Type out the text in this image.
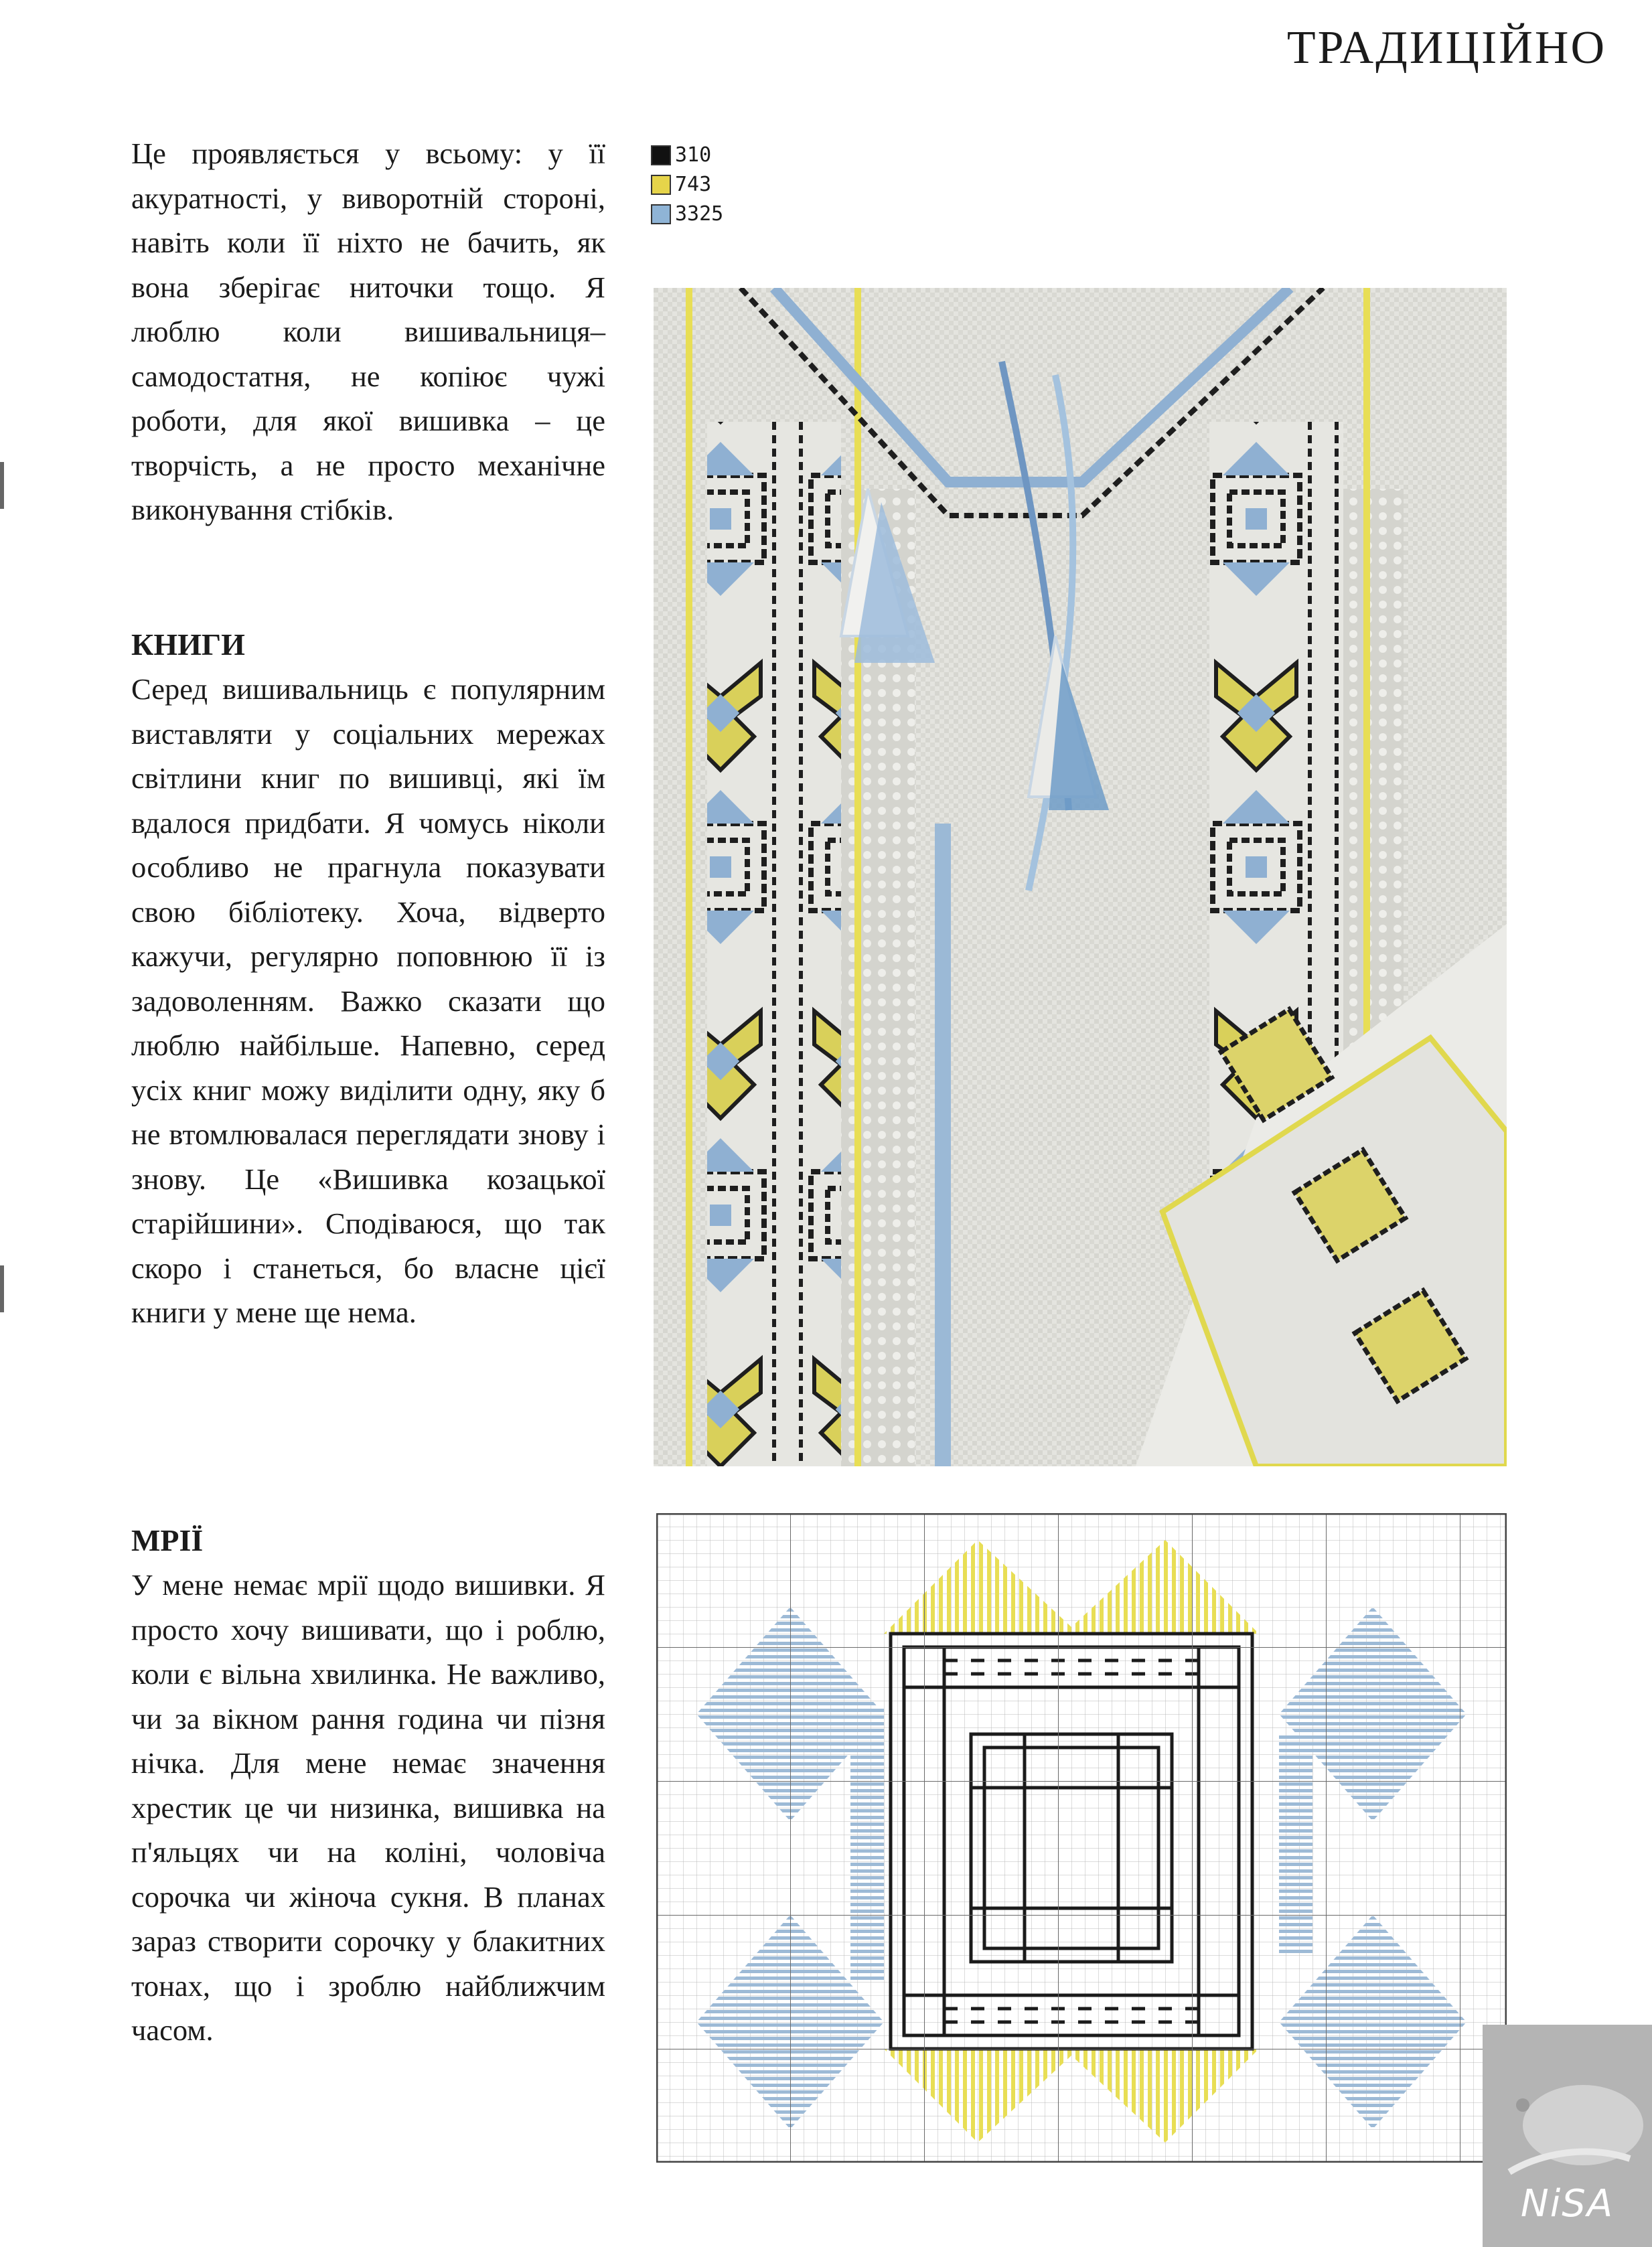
ТРАДИЦІЙНО

Це проявляється у всьому: у її акуратності, у виворотній стороні, навіть коли її ніхто не бачить, як вона зберігає ниточки тощо. Я люблю коли вишивальниця–самодостатня, не копіює чужі роботи, для якої вишивка – це творчість, а не просто механічне виконування стібків.

КНИГИ

Серед вишивальниць є популярним виставляти у соціальних мережах світлини книг по вишивці, які їм вдалося придбати. Я чомусь ніколи особливо не прагнула показувати свою бібліотеку. Хоча, відверто кажучи, регулярно поповнюю її із задоволенням. Важко сказати що люблю найбільше. Напевно, серед усіх книг можу виділити одну, яку б не втомлювалася переглядати знову і знову. Це «Вишивка козацької старійшини». Сподіваюся, що так скоро і станеться, бо власне цієї книги у мене ще нема.

МРІЇ

У мене немає мрії щодо вишивки. Я просто хочу вишивати, що і роблю, коли є вільна хвилинка. Не важливо, чи за вікном рання година чи пізня нічка. Для мене немає значення хрестик це чи низинка, вишивка на п'яльцях чи на коліні, чоловіча сорочка чи жіноча сукня. В планах зараз створити сорочку у блакитних тонах, що і зроблю найближчим часом.

310
743
3325
NiSA
